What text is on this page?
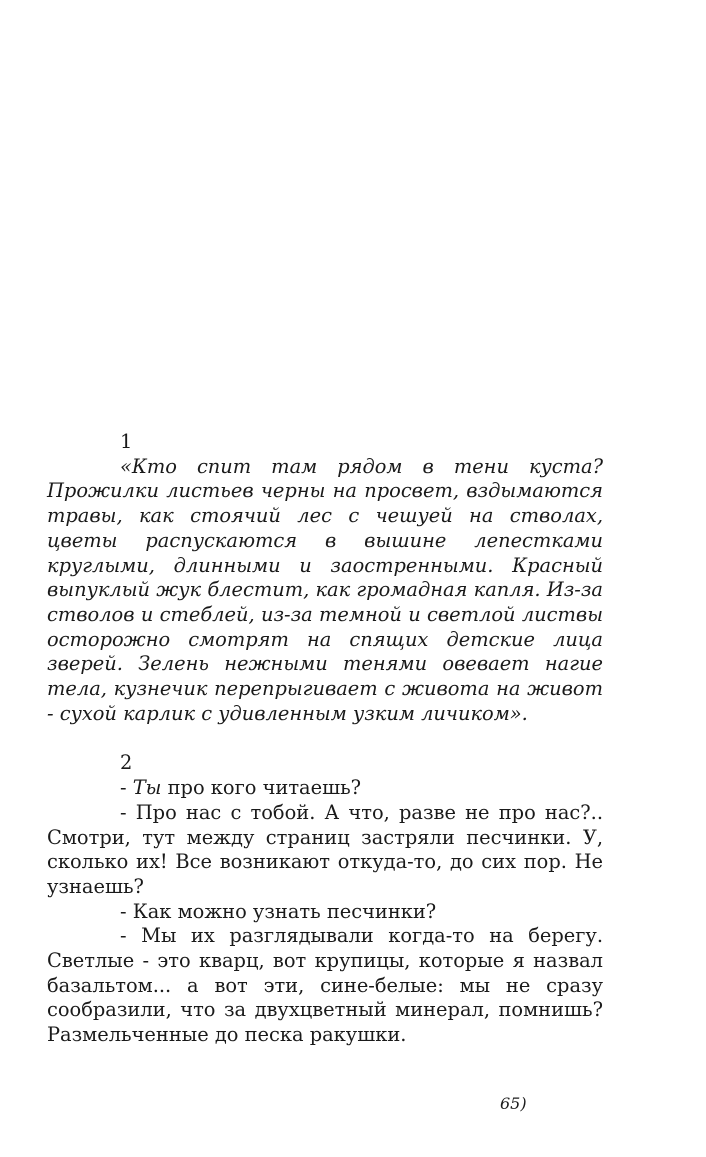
1

«Кто спит там рядом в тени куста? Прожилки листьев черны на просвет, вздымаются травы, как стоячий лес с чешуей на стволах, цветы распускаются в вышине лепестками круглыми, длинными и заостренными. Красный выпуклый жук блестит, как громадная капля. Из-за стволов и стеблей, из-за темной и светлой листвы осторожно смотрят на спящих детские лица зверей. Зелень нежными тенями овевает нагие тела, кузнечик перепрыгивает с живота на живот - сухой карлик с удивленным узким личиком».

2

- Ты про кого читаешь?

- Про нас с тобой. А что, разве не про нас?.. Смотри, тут между страниц застряли песчинки. У, сколько их! Все возникают откуда-то, до сих пор. Не узнаешь?

- Как можно узнать песчинки?

- Мы их разглядывали когда-то на берегу. Светлые - это кварц, вот крупицы, которые я назвал базальтом... а вот эти, сине-белые: мы не сразу сообразили, что за двухцветный минерал, помнишь? Размельченные до песка ракушки.

65)
